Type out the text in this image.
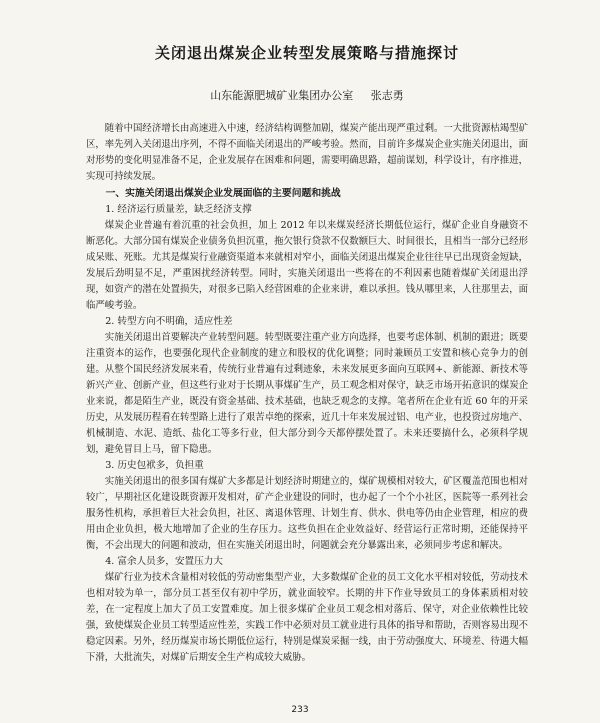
关闭退出煤炭企业转型发展策略与措施探讨
山东能源肥城矿业集团办公室 张志勇

随着中国经济增长由高速进入中速，经济结构调整加剧，煤炭产能出现严重过剩。一大批资源枯竭型矿区，率先列入关闭退出序列，不得不面临关闭退出的严峻考验。然而，目前许多煤炭企业实施关闭退出，面对形势的变化明显准备不足，企业发展存在困难和问题，需要明确思路，超前谋划，科学设计，有序推进，实现可持续发展。

一、实施关闭退出煤炭企业发展面临的主要问题和挑战
1. 经济运行质量差，缺乏经济支撑

煤炭企业普遍有着沉重的社会负担，加上 2012 年以来煤炭经济长期低位运行，煤矿企业自身融资不断恶化。大部分国有煤炭企业债务负担沉重，拖欠银行贷款不仅数额巨大、时间很长，且相当一部分已经形成呆账、死账。尤其是煤炭行业融资渠道本来就相对窄小，面临关闭退出煤炭企业往往早已出现资金短缺，发展后劲明显不足，严重困扰经济转型。同时，实施关闭退出一些将在的不利因素也随着煤矿关闭退出浮现，如资产的潜在处置损失，对很多已陷入经营困难的企业来讲，难以承担。钱从哪里来，人往那里去，面临严峻考验。

2. 转型方向不明确，适应性差

实施关闭退出首要解决产业转型问题。转型既要注重产业方向选择，也要考虑体制、机制的跟进；既要注重资本的运作，也要强化现代企业制度的建立和股权的优化调整；同时兼顾员工安置和核心竞争力的创建。从整个国民经济发展来看，传统行业普遍有过剩迹象，未来发展更多面向互联网+、新能源、新技术等新兴产业、创新产业，但这些行业对于长期从事煤矿生产，员工观念相对保守，缺乏市场开拓意识的煤炭企业来说，都是陌生产业，既没有资金基础、技术基础，也缺乏观念的支撑。笔者所在企业有近 60 年的开采历史，从发展历程看在转型路上进行了艰苦卓绝的探索，近几十年来发展过铝、电产业，也投资过房地产、机械制造、水泥、造纸、盐化工等多行业，但大部分到今天都停摆处置了。未来还要搞什么，必须科学规划，避免冒目上马，留下隐患。

3. 历史包袱多，负担重

实施关闭退出的很多国有煤矿大多都是计划经济时期建立的，煤矿规模相对较大，矿区覆盖范围也相对较广，早期社区化建设既资源开发相对，矿产企业建设的同时，也办起了一个个小社区，医院等一系列社会服务性机构，承担着巨大社会负担，社区、离退休管理、计划生育、供水、供电等仍由企业管理，相应的费用由企业负担，极大地增加了企业的生存压力。这些负担在企业效益好、经营运行正常时期，还能保持平衡，不会出现大的问题和波动，但在实施关闭退出时，问题就会充分暴露出来，必须同步考虑和解决。

4. 富余人员多，安置压力大

煤矿行业为技术含量相对较低的劳动密集型产业，大多数煤矿企业的员工文化水平相对较低，劳动技术也相对较为单一，部分员工甚至仅有初中学历，就业面较窄。长期的井下作业导致员工的身体素质相对较差，在一定程度上加大了员工安置难度。加上很多煤矿企业员工观念相对落后、保守，对企业依赖性比较强，致使煤炭企业员工转型适应性差，实践工作中必须对员工就业进行具体的指导和帮助，否则容易出现不稳定因素。另外，经历煤炭市场长期低位运行，特别是煤炭采掘一线，由于劳动强度大、环境差、待遇大幅下滑，大批流失，对煤矿后期安全生产构成较大威胁。

233
